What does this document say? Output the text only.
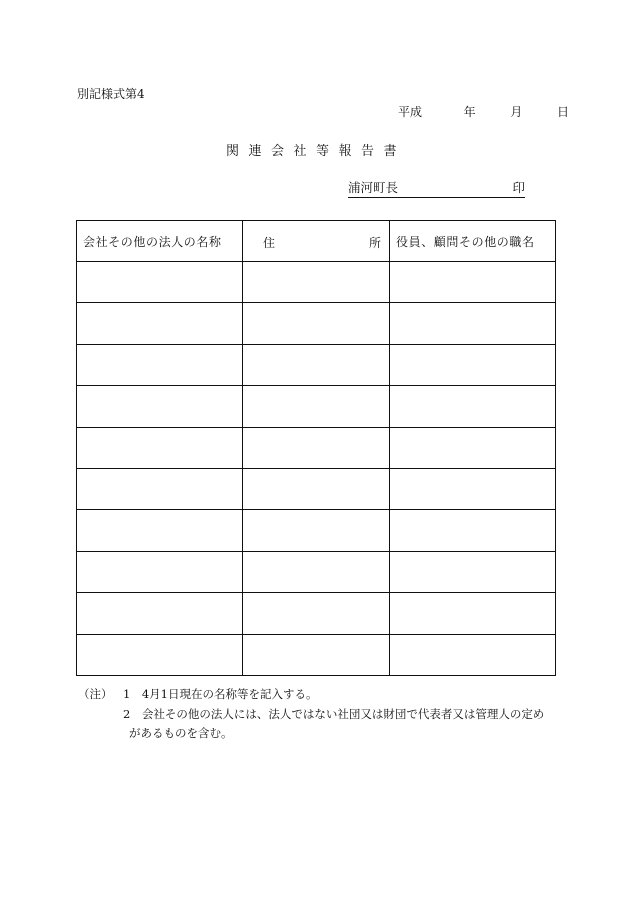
別記様式第4
平成	年	月	日
関連会社等報告書
浦河町長	印
会社その他の法人の名称	住 所	役員、顧問その他の職名

（注） 1　4月1日現在の名称等を記入する。
2　会社その他の法人には、法人ではない社団又は財団で代表者又は管理人の定め
があるものを含む。
